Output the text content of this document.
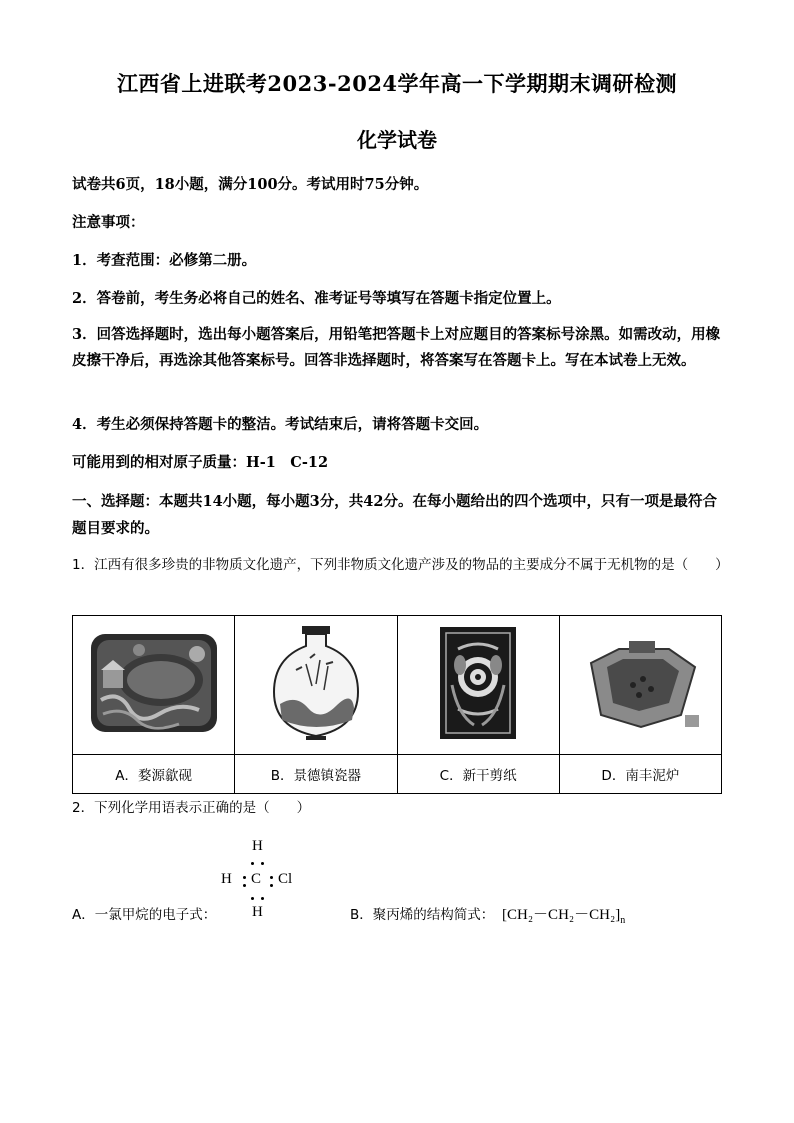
江西省上进联考2023-2024学年高一下学期期末调研检测
化学试卷
试卷共6页，18小题，满分100分。考试用时75分钟。
注意事项：
1．考查范围：必修第二册。
2．答卷前，考生务必将自己的姓名、准考证号等填写在答题卡指定位置上。
3．回答选择题时，选出每小题答案后，用铅笔把答题卡上对应题目的答案标号涂黑。如需改动，用橡皮擦干净后，再选涂其他答案标号。回答非选择题时，将答案写在答题卡上。写在本试卷上无效。
4．考生必须保持答题卡的整洁。考试结束后，请将答题卡交回。
可能用到的相对原子质量：H-1　C-12
一、选择题：本题共14小题，每小题3分，共42分。在每小题给出的四个选项中，只有一项是最符合题目要求的。
1．江西有很多珍贵的非物质文化遗产，下列非物质文化遗产涉及的物品的主要成分不属于无机物的是（　　）

A．婺源歙砚	B．景德镇瓷器	C．新干剪纸	D．南丰泥炉
2．下列化学用语表示正确的是（　　）
H
H C Cl
H
A．一氯甲烷的电子式：	B．聚丙烯的结构简式： $[CH_2-CH_2-CH_2]_n$
